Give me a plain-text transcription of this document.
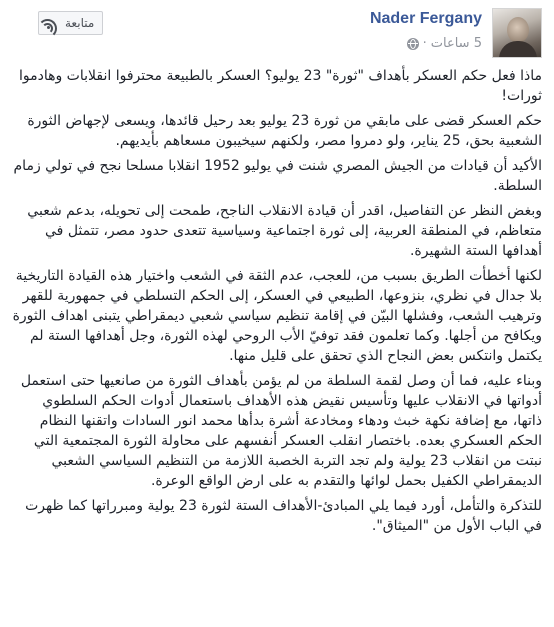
Nader Fergany
5 ساعات
·
متابعة

ماذا فعل حكم العسكر بأهداف "ثورة" 23 يوليو؟ العسكر بالطبيعة محترفوا انقلابات وهادموا ثورات!

حكم العسكر قضى على مابقي من ثورة 23 يوليو بعد رحيل قائدها، ويسعى لإجهاض الثورة الشعبية بحق، 25 يناير، ولو دمروا مصر، ولكنهم سيخيبون مسعاهم بأيديهم.

الأكيد أن قيادات من الجيش المصري شنت في يوليو 1952 انقلابا مسلحا نجح في تولي زمام السلطة.

وبغض النظر عن التفاصيل، اقدر أن قيادة الانقلاب الناجح، طمحت إلى تحويله، بدعم شعبي متعاظم، في المنطقة العربية، إلى ثورة اجتماعية وسياسية تتعدى حدود مصر، تتمثل في أهدافها الستة الشهيرة.

لكنها أخطأت الطريق بسبب من، للعجب، عدم الثقة في الشعب واختيار هذه القيادة التاريخية بلا جدال في نظري، بنزوعها، الطبيعي في العسكر، إلى الحكم التسلطي في جمهورية للقهر وترهيب الشعب، وفشلها البيّن في إقامة تنظيم سياسي شعبي ديمقراطي يتبنى اهداف الثورة ويكافح من أجلها. وكما تعلمون فقد توفيّ الأب الروحي لهذه الثورة، وجل أهدافها الستة لم يكتمل وانتكس بعض النجاح الذي تحقق على قليل منها.

وبناء عليه، فما أن وصل لقمة السلطة من لم يؤمن بأهداف الثورة من صانعيها حتى استعمل أدواتها في الانقلاب عليها وتأسيس نقيض هذه الأهداف باستعمال أدوات الحكم السلطوي ذاتها، مع إضافة نكهة خبث ودهاء ومخادعة أشرة بدأها محمد انور السادات واتقنها النظام الحكم العسكري بعده. باختصار انقلب العسكر أنفسهم على محاولة الثورة المجتمعية التي نبتت من انقلاب 23 يولية ولم تجد التربة الخصبة اللازمة من التنظيم السياسي الشعبي الديمقراطي الكفيل بحمل لوائها والتقدم به على ارض الواقع الوعرة.

للتذكرة والتأمل، أورد فيما يلي المبادئ-الأهداف الستة لثورة 23 يولية ومبرراتها كما ظهرت في الباب الأول من "الميثاق".
